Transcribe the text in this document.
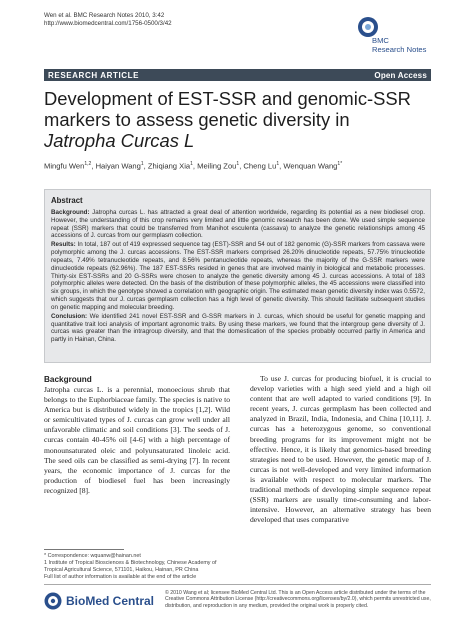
Wen et al. BMC Research Notes 2010, 3:42
http://www.biomedcentral.com/1756-0500/3/42
BMC
Research Notes
RESEARCH ARTICLE	Open Access
Development of EST-SSR and genomic-SSR
markers to assess genetic diversity in
Jatropha Curcas L
Mingfu Wen$^{1,2}$, Haiyan Wang$^1$, Zhiqiang Xia$^1$, Meiling Zou$^1$, Cheng Lu$^1$, Wenquan Wang$^{1*}$
Abstract

Background: Jatropha curcas L. has attracted a great deal of attention worldwide, regarding its potential as a new biodiesel crop. However, the understanding of this crop remains very limited and little genomic research has been done. We used simple sequence repeat (SSR) markers that could be transferred from Manihot esculenta (cassava) to analyze the genetic relationships among 45 accessions of J. curcas from our germplasm collection.

Results: In total, 187 out of 419 expressed sequence tag (EST)-SSR and 54 out of 182 genomic (G)-SSR markers from cassava were polymorphic among the J. curcas accessions. The EST-SSR markers comprised 26.20% dinucleotide repeats, 57.75% trinucleotide repeats, 7.49% tetranucleotide repeats, and 8.56% pentanucleotide repeats, whereas the majority of the G-SSR markers were dinucleotide repeats (62.96%). The 187 EST-SSRs resided in genes that are involved mainly in biological and metabolic processes. Thirty-six EST-SSRs and 20 G-SSRs were chosen to analyze the genetic diversity among 45 J. curcas accessions. A total of 183 polymorphic alleles were detected. On the basis of the distribution of these polymorphic alleles, the 45 accessions were classified into six groups, in which the genotype showed a correlation with geographic origin. The estimated mean genetic diversity index was 0.5572, which suggests that our J. curcas germplasm collection has a high level of genetic diversity. This should facilitate subsequent studies on genetic mapping and molecular breeding.

Conclusion: We identified 241 novel EST-SSR and G-SSR markers in J. curcas, which should be useful for genetic mapping and quantitative trait loci analysis of important agronomic traits. By using these markers, we found that the intergroup gene diversity of J. curcas was greater than the intragroup diversity, and that the domestication of the species probably occurred partly in America and partly in Hainan, China.

Background
Jatropha curcas L. is a perennial, monoecious shrub that belongs to the Euphorbiaceae family. The species is native to America but is distributed widely in the tropics [1,2]. Wild or semicultivated types of J. curcas can grow well under all unfavorable climatic and soil conditions [3]. The seeds of J. curcas contain 40-45% oil [4-6] with a high percentage of monounsaturated oleic and polyunsaturated linoleic acid. The seed oils can be classified as semi-drying [7]. In recent years, the economic importance of J. curcas for the production of biodiesel fuel has been increasingly recognized [8].
To use J. curcas for producing biofuel, it is crucial to develop varieties with a high seed yield and a high oil content that are well adapted to varied conditions [9]. In recent years, J. curcas germplasm has been collected and analyzed in Brazil, India, Indonesia, and China [10,11]. J. curcas has a heterozygous genome, so conventional breeding programs for its improvement might not be effective. Hence, it is likely that genomics-based breeding strategies need to be used. However, the genetic map of J. curcas is not well-developed and very limited information is available with respect to molecular markers. The traditional methods of developing simple sequence repeat (SSR) markers are usually time-consuming and labor-intensive. However, an alternative strategy has been developed that uses comparative
* Correspondence: wquanw@hainan.net
1 Institute of Tropical Biosciences & Biotechnology, Chinese Academy of
Tropical Agricultural Science, 571101, Haikou, Hainan, PR China
Full list of author information is available at the end of the article
BioMed Central
© 2010 Wang et al; licensee BioMed Central Ltd. This is an Open Access article distributed under the terms of the Creative Commons Attribution License (http://creativecommons.org/licenses/by/2.0), which permits unrestricted use, distribution, and reproduction in any medium, provided the original work is properly cited.
